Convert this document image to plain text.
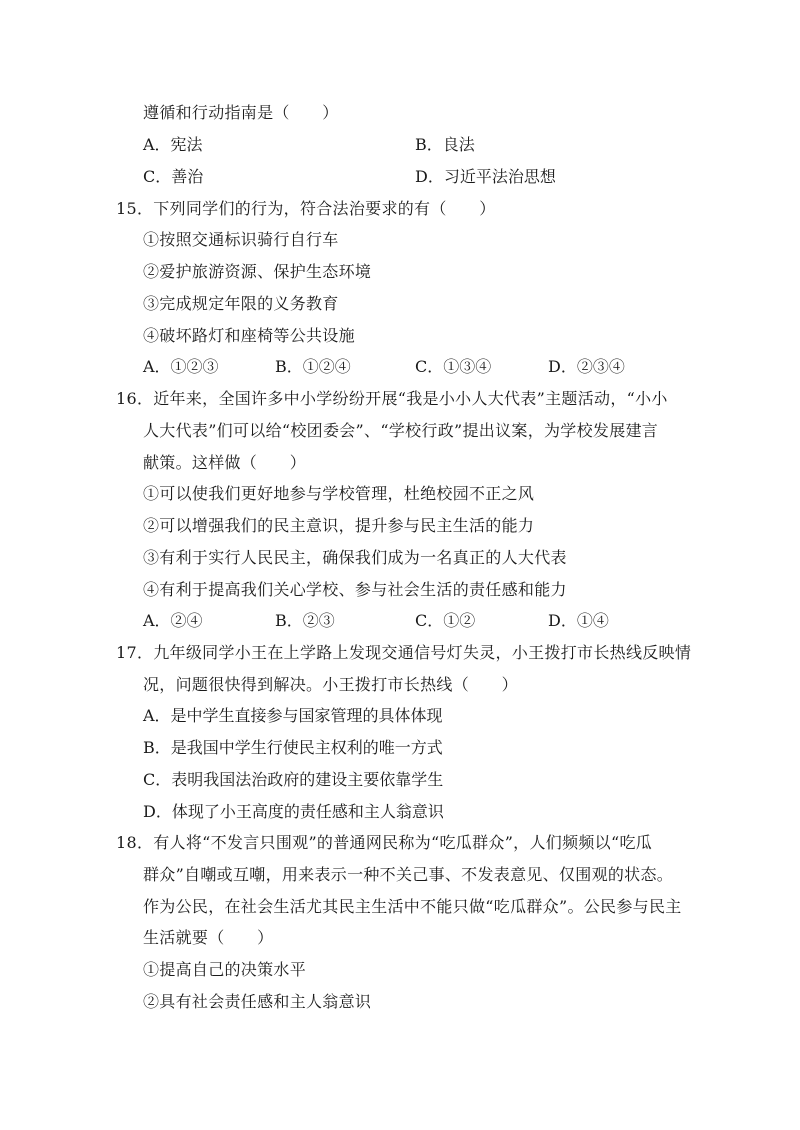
遵循和行动指南是（　　）
A．宪法	B．良法
C．善治	D．习近平法治思想
15．下列同学们的行为，符合法治要求的有（　　）
①按照交通标识骑行自行车
②爱护旅游资源、保护生态环境
③完成规定年限的义务教育
④破坏路灯和座椅等公共设施
A．①②③	B．①②④	C．①③④	D．②③④
16．近年来，全国许多中小学纷纷开展“我是小小人大代表”主题活动，“小小
人大代表”们可以给“校团委会”、“学校行政”提出议案，为学校发展建言
献策。这样做（　　）
①可以使我们更好地参与学校管理，杜绝校园不正之风
②可以增强我们的民主意识，提升参与民主生活的能力
③有利于实行人民民主，确保我们成为一名真正的人大代表
④有利于提高我们关心学校、参与社会生活的责任感和能力
A．②④	B．②③	C．①②	D．①④
17．九年级同学小王在上学路上发现交通信号灯失灵，小王拨打市长热线反映情
况，问题很快得到解决。小王拨打市长热线（　　）
A．是中学生直接参与国家管理的具体体现
B．是我国中学生行使民主权利的唯一方式
C．表明我国法治政府的建设主要依靠学生
D．体现了小王高度的责任感和主人翁意识
18．有人将“不发言只围观”的普通网民称为“吃瓜群众”，人们频频以“吃瓜
群众”自嘲或互嘲，用来表示一种不关己事、不发表意见、仅围观的状态。
作为公民，在社会生活尤其民主生活中不能只做“吃瓜群众”。公民参与民主
生活就要（　　）
①提高自己的决策水平
②具有社会责任感和主人翁意识
